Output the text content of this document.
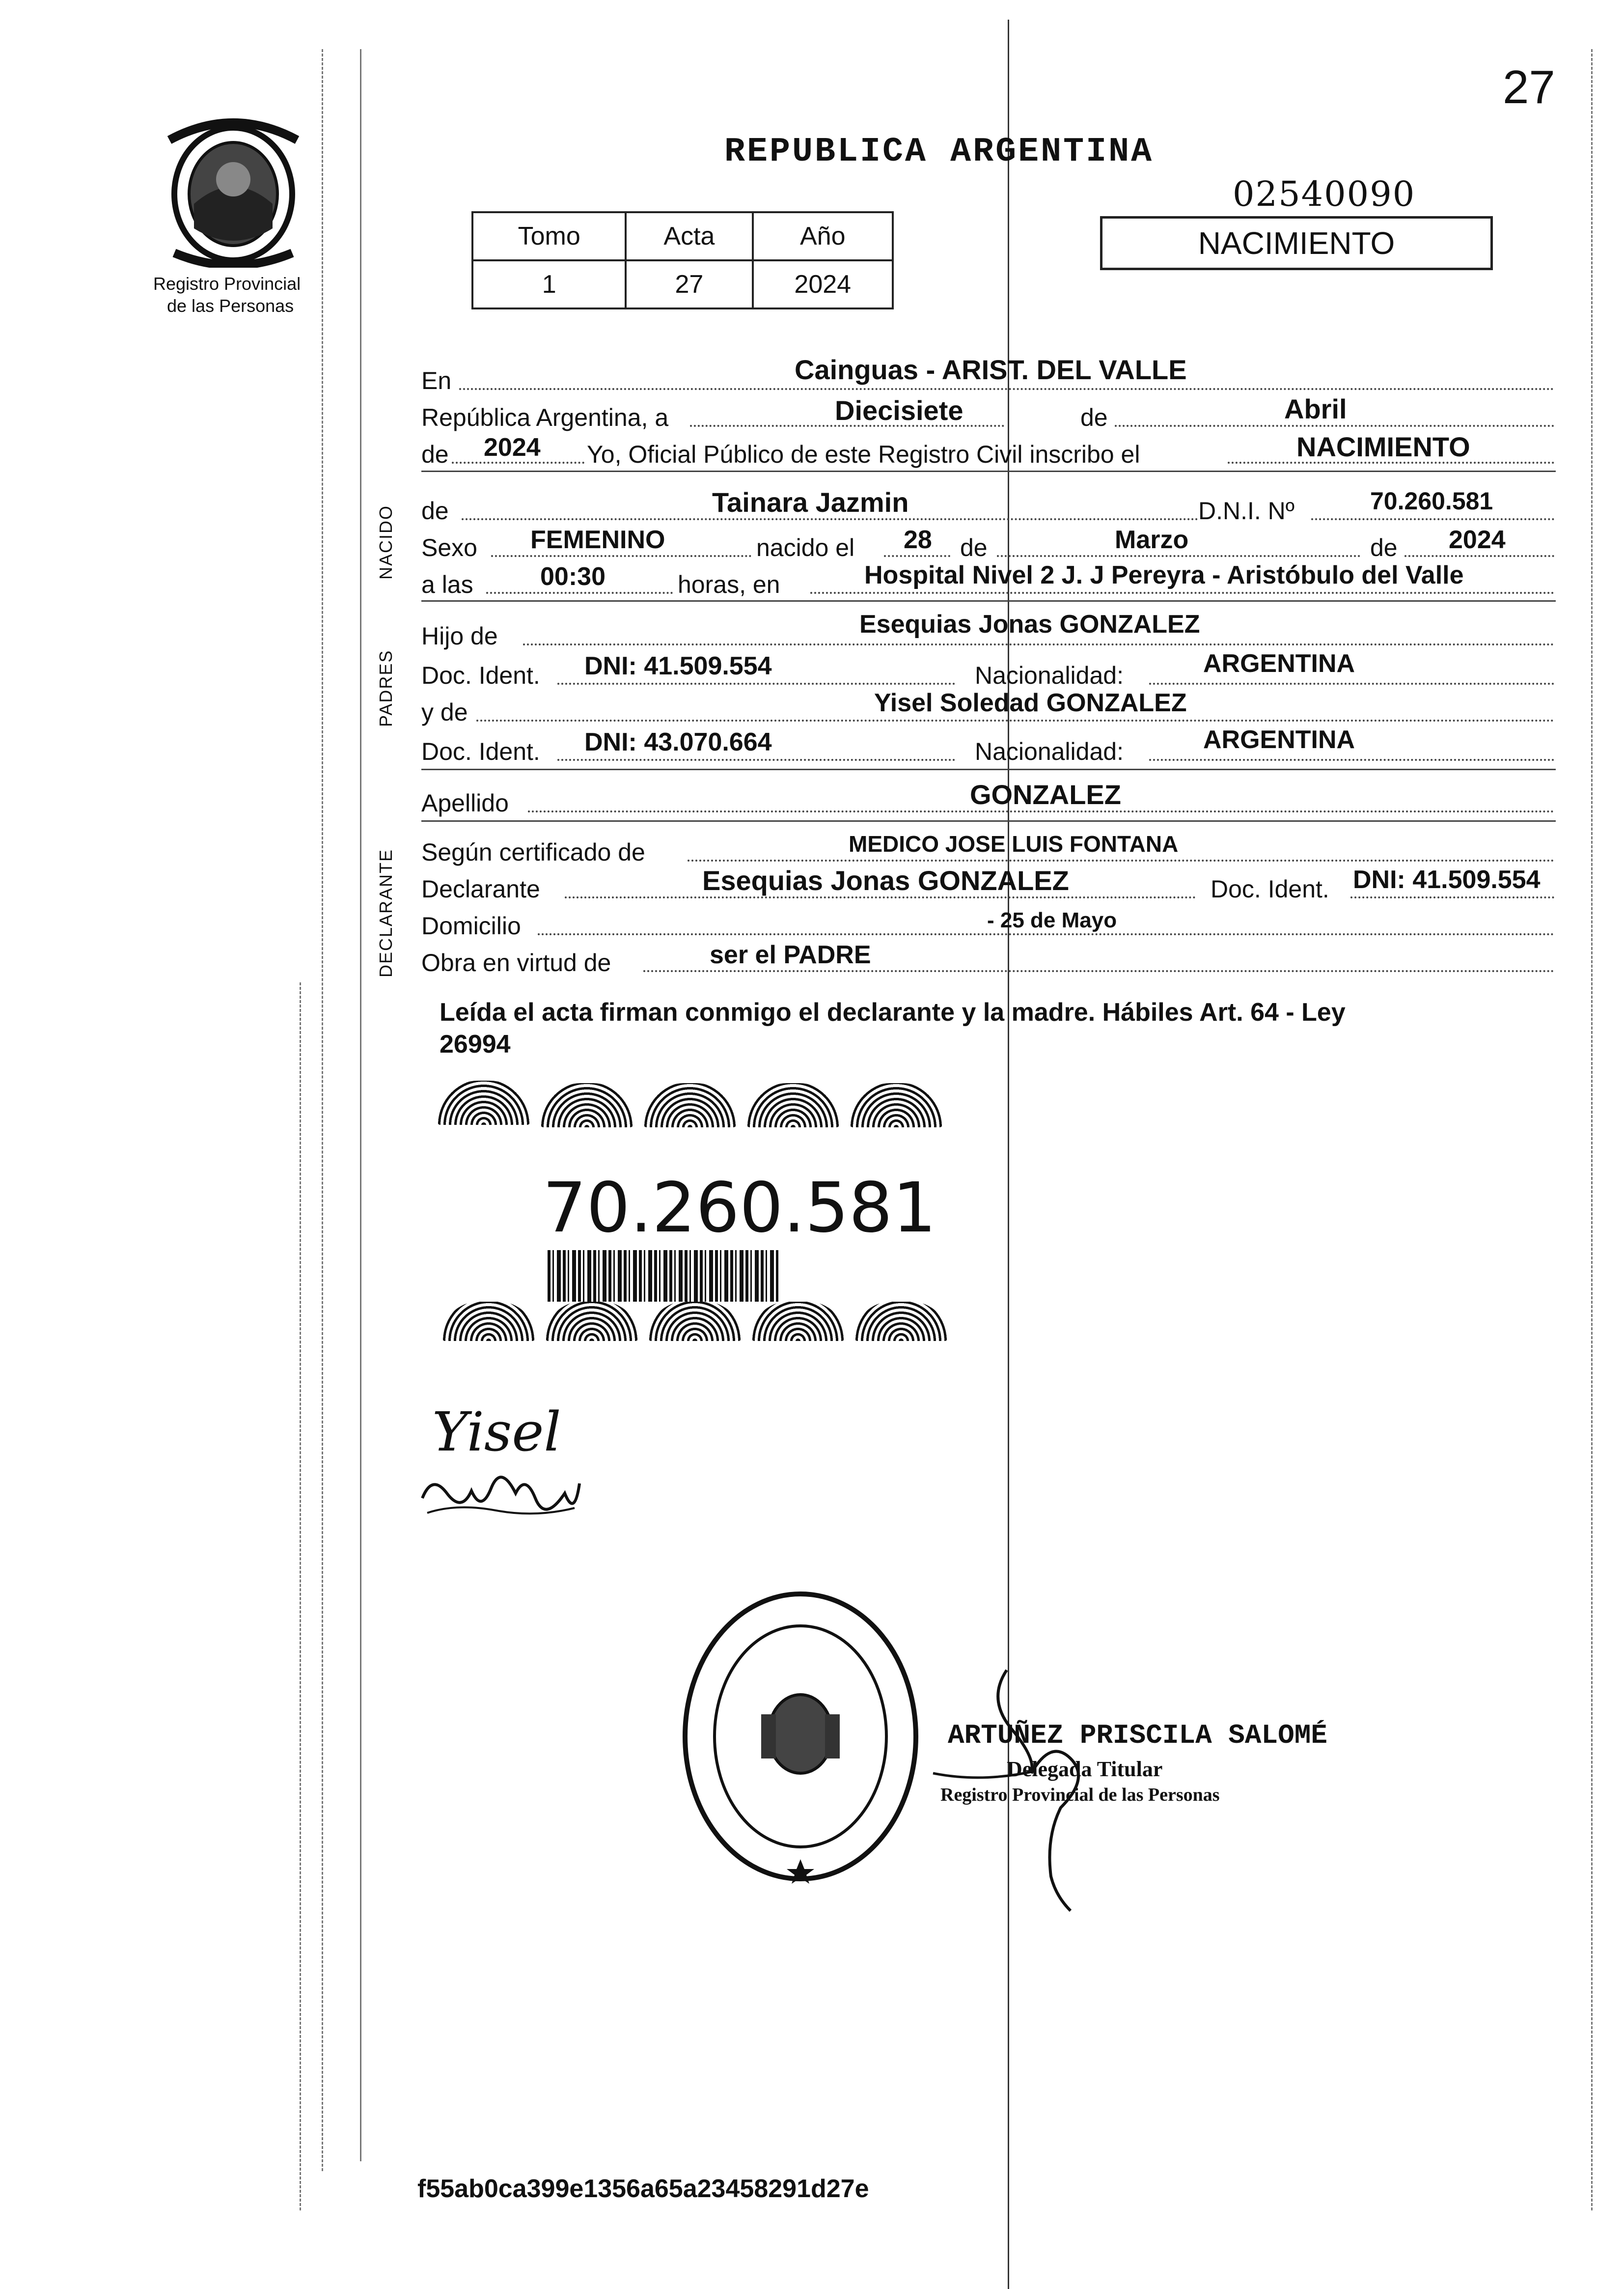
27
Registro Provincial
de las Personas
REPUBLICA ARGENTINA
02540090
Tomo	Acta	Año
1	27	2024
NACIMIENTO
En	Cainguas - ARIST. DEL VALLE
República Argentina, a	Diecisiete	de	Abril
de 2024 Yo, Oficial Público de este Registro Civil inscribo el	NACIMIENTO
NACIDO de	Tainara Jazmin	D.N.I. Nº	70.260.581
Sexo FEMENINO	nacido el 28 de	Marzo	de 2024
a las	00:30	horas, en	Hospital Nivel 2 J. J Pereyra - Aristóbulo del Valle
PADRES
Hijo de	Esequias Jonas GONZALEZ
Doc. Ident. DNI: 41.509.554	Nacionalidad:	ARGENTINA
y de	Yisel Soledad GONZALEZ
Doc. Ident. DNI: 43.070.664	Nacionalidad:	ARGENTINA
Apellido	GONZALEZ
DECLARANTE Según certificado de	MEDICO JOSE LUIS FONTANA
Declarante	Esequias Jonas GONZALEZ	Doc. Ident. DNI: 41.509.554
Domicilio	- 25 de Mayo
Obra en virtud de	ser el PADRE
Leída el acta firman conmigo el declarante y la madre. Hábiles Art. 64 - Ley
26994
70.260.581
Yisel
ARTUÑEZ PRISCILA SALOMÉ
Delegada Titular
Registro Provincial de las Personas
f55ab0ca399e1356a65a23458291d27e
